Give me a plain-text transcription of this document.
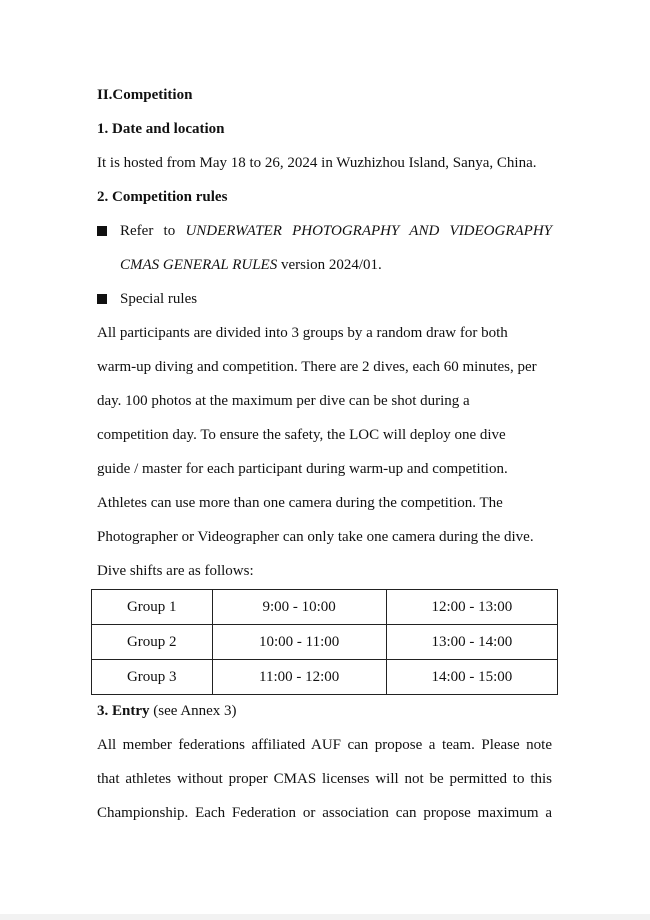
II.Competition
1. Date and location
It is hosted from May 18 to 26, 2024 in Wuzhizhou Island, Sanya, China.
2. Competition rules
Refer to UNDERWATER PHOTOGRAPHY AND VIDEOGRAPHY
CMAS GENERAL RULES version 2024/01.
Special rules
All participants are divided into 3 groups by a random draw for both
warm-up diving and competition. There are 2 dives, each 60 minutes, per
day. 100 photos at the maximum per dive can be shot during a
competition day. To ensure the safety, the LOC will deploy one dive
guide / master for each participant during warm-up and competition.
Athletes can use more than one camera during the competition. The
Photographer or Videographer can only take one camera during the dive.
Dive shifts are as follows:
Group 1	9:00 - 10:00	12:00 - 13:00
Group 2	10:00 - 11:00	13:00 - 14:00
Group 3	11:00 - 12:00	14:00 - 15:00
3. Entry (see Annex 3)
All member federations affiliated AUF can propose a team. Please note
that athletes without proper CMAS licenses will not be permitted to this
Championship. Each Federation or association can propose maximum a
